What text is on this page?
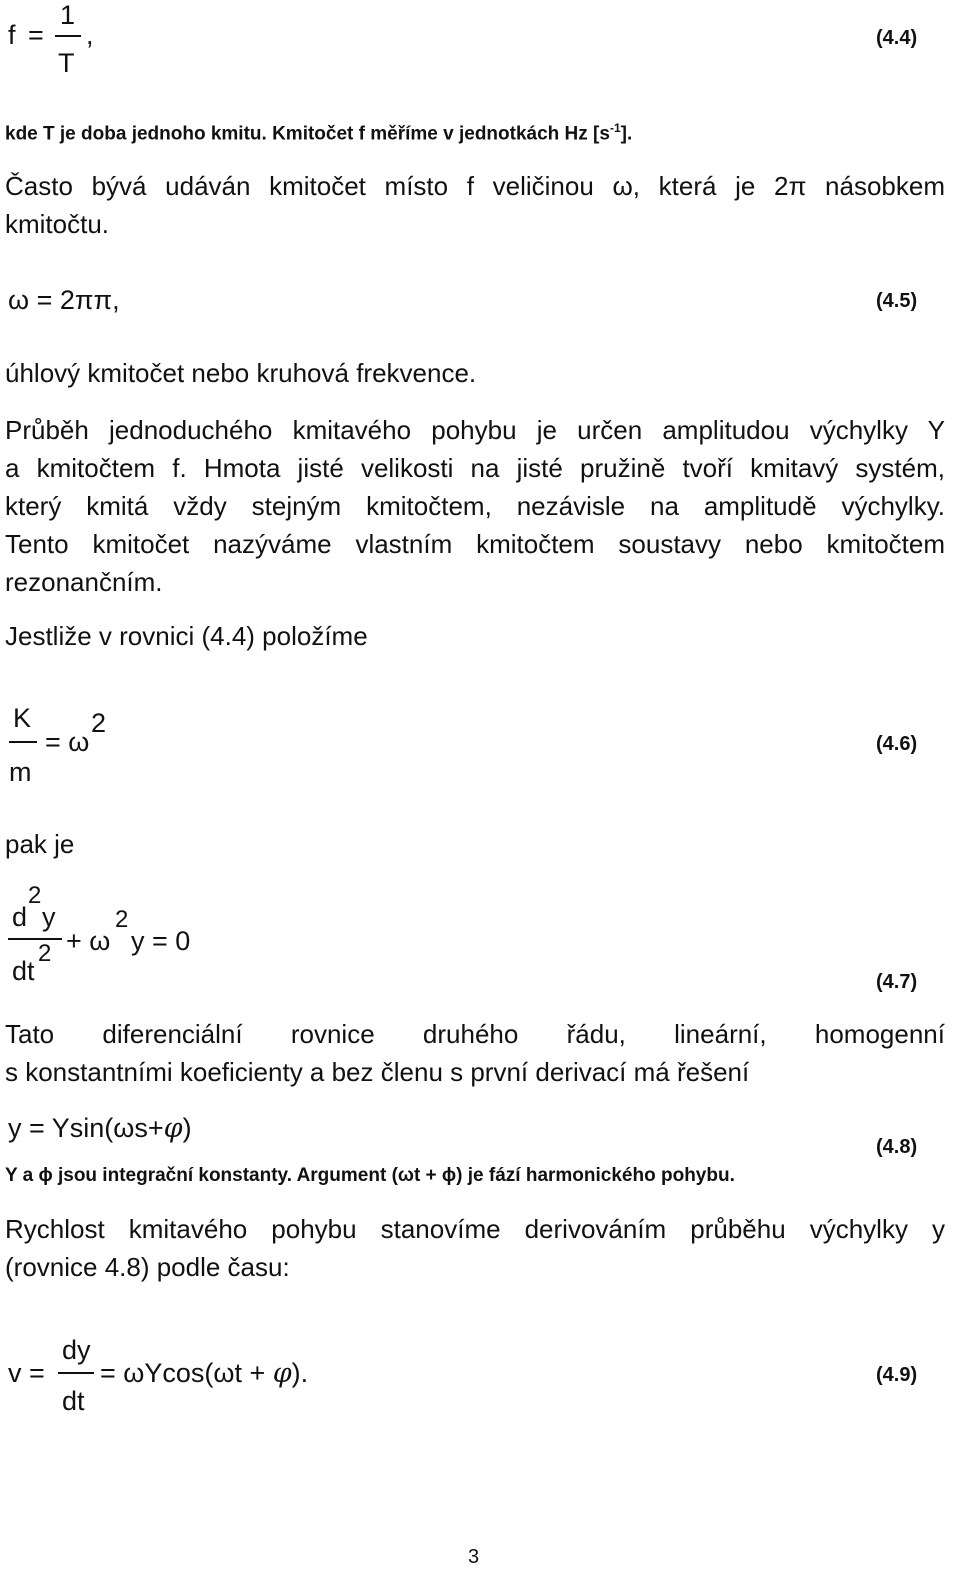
f =
1
T
,	(4.4)
kde T je doba jednoho kmitu. Kmitočet f měříme v jednotkách Hz $[s^{-1}]$.
Často bývá udáván kmitočet místo f veličinou ω, která je 2π násobkem
kmitočtu.
ω = 2ππ,	(4.5)
úhlový kmitočet nebo kruhová frekvence.
Průběh jednoduchého kmitavého pohybu je určen amplitudou výchylky Y
a kmitočtem f. Hmota jisté velikosti na jisté pružině tvoří kmitavý systém,
který kmitá vždy stejným kmitočtem, nezávisle na amplitudě výchylky.
Tento kmitočet nazýváme vlastním kmitočtem soustavy nebo kmitočtem
rezonančním.
Jestliže v rovnici (4.4) položíme
K
m
= ω
2
(4.6)
pak je
d
2
y
dt
2 + ω
2
y = 0
(4.7)
Tato diferenciální rovnice druhého řádu, lineární, homogenní
s konstantními koeficienty a bez členu s první derivací má řešení
y = Ysin(ωs+φ)
(4.8)
Y a ɸ jsou integrační konstanty. Argument (ωt + ɸ) je fází harmonického pohybu.
Rychlost kmitavého pohybu stanovíme derivováním průběhu výchylky y
(rovnice 4.8) podle času:
v =
dy
dt
= ωYcos(ωt + φ).	(4.9)
3
